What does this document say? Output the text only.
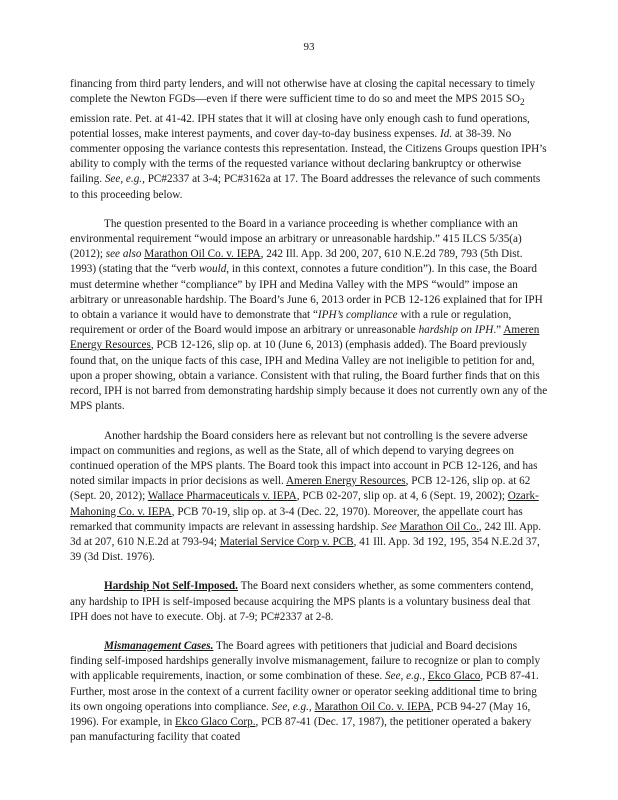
93

financing from third party lenders, and will not otherwise have at closing the capital necessary to timely complete the Newton FGDs—even if there were sufficient time to do so and meet the MPS 2015 $SO_2$ emission rate. Pet. at 41-42. IPH states that it will at closing have only enough cash to fund operations, potential losses, make interest payments, and cover day-to-day business expenses. Id. at 38-39. No commenter opposing the variance contests this representation. Instead, the Citizens Groups question IPH’s ability to comply with the terms of the requested variance without declaring bankruptcy or otherwise failing. See, e.g., PC#2337 at 3-4; PC#3162a at 17. The Board addresses the relevance of such comments to this proceeding below.

The question presented to the Board in a variance proceeding is whether compliance with an environmental requirement “would impose an arbitrary or unreasonable hardship.” 415 ILCS 5/35(a) (2012); see also Marathon Oil Co. v. IEPA, 242 Ill. App. 3d 200, 207, 610 N.E.2d 789, 793 (5th Dist. 1993) (stating that the “verb would, in this context, connotes a future condition”). In this case, the Board must determine whether “compliance” by IPH and Medina Valley with the MPS “would” impose an arbitrary or unreasonable hardship. The Board’s June 6, 2013 order in PCB 12-126 explained that for IPH to obtain a variance it would have to demonstrate that “IPH’s compliance with a rule or regulation, requirement or order of the Board would impose an arbitrary or unreasonable hardship on IPH.” Ameren Energy Resources, PCB 12-126, slip op. at 10 (June 6, 2013) (emphasis added). The Board previously found that, on the unique facts of this case, IPH and Medina Valley are not ineligible to petition for and, upon a proper showing, obtain a variance. Consistent with that ruling, the Board further finds that on this record, IPH is not barred from demonstrating hardship simply because it does not currently own any of the MPS plants.

Another hardship the Board considers here as relevant but not controlling is the severe adverse impact on communities and regions, as well as the State, all of which depend to varying degrees on continued operation of the MPS plants. The Board took this impact into account in PCB 12-126, and has noted similar impacts in prior decisions as well. Ameren Energy Resources, PCB 12-126, slip op. at 62 (Sept. 20, 2012); Wallace Pharmaceuticals v. IEPA, PCB 02-207, slip op. at 4, 6 (Sept. 19, 2002); Ozark-Mahoning Co. v. IEPA, PCB 70-19, slip op. at 3-4 (Dec. 22, 1970). Moreover, the appellate court has remarked that community impacts are relevant in assessing hardship. See Marathon Oil Co., 242 Ill. App. 3d at 207, 610 N.E.2d at 793-94; Material Service Corp v. PCB, 41 Ill. App. 3d 192, 195, 354 N.E.2d 37, 39 (3d Dist. 1976).

Hardship Not Self-Imposed. The Board next considers whether, as some commenters contend, any hardship to IPH is self-imposed because acquiring the MPS plants is a voluntary business deal that IPH does not have to execute. Obj. at 7-9; PC#2337 at 2-8.

Mismanagement Cases. The Board agrees with petitioners that judicial and Board decisions finding self-imposed hardships generally involve mismanagement, failure to recognize or plan to comply with applicable requirements, inaction, or some combination of these. See, e.g., Ekco Glaco, PCB 87-41. Further, most arose in the context of a current facility owner or operator seeking additional time to bring its own ongoing operations into compliance. See, e.g., Marathon Oil Co. v. IEPA, PCB 94-27 (May 16, 1996). For example, in Ekco Glaco Corp., PCB 87-41 (Dec. 17, 1987), the petitioner operated a bakery pan manufacturing facility that coated
